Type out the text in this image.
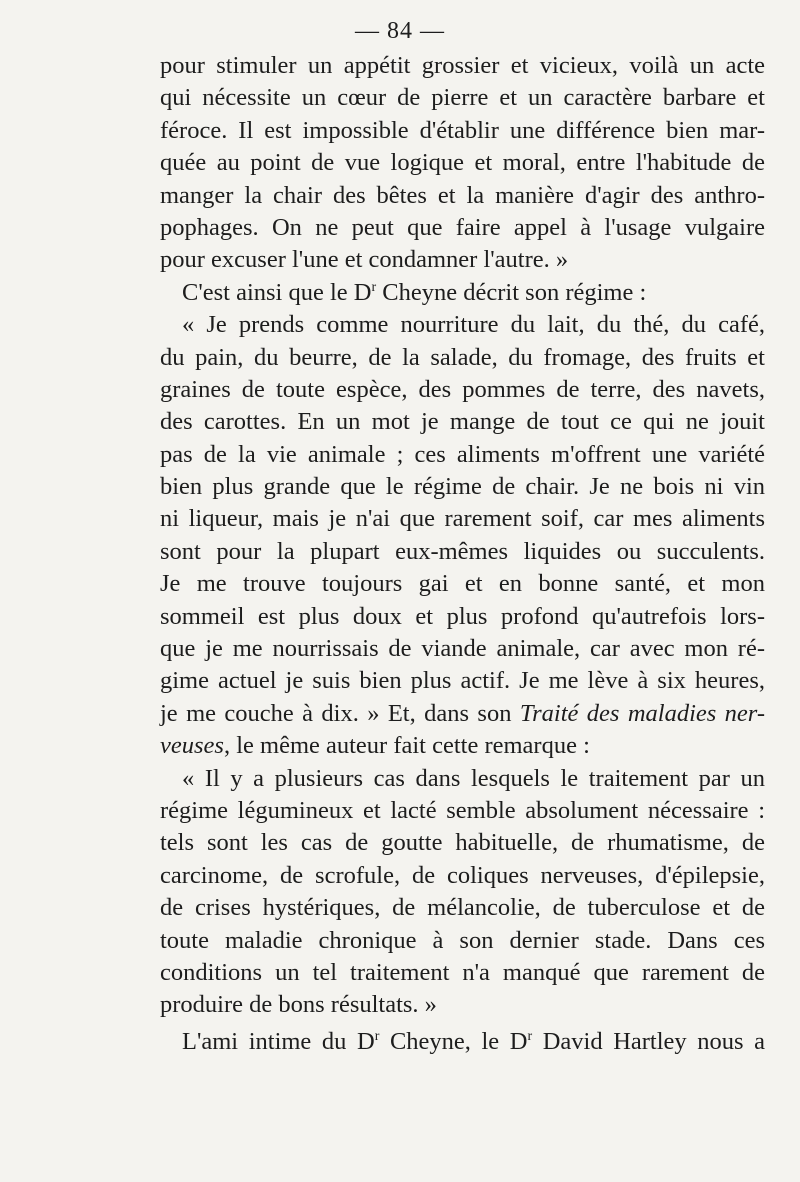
— 84 —
pour stimuler un appétit grossier et vicieux, voilà un acte
qui nécessite un cœur de pierre et un caractère barbare et
féroce. Il est impossible d'établir une différence bien mar-
quée au point de vue logique et moral, entre l'habitude de
manger la chair des bêtes et la manière d'agir des anthro-
pophages. On ne peut que faire appel à l'usage vulgaire
pour excuser l'une et condamner l'autre. »
C'est ainsi que le $D^r$ Cheyne décrit son régime :
« Je prends comme nourriture du lait, du thé, du café,
du pain, du beurre, de la salade, du fromage, des fruits et
graines de toute espèce, des pommes de terre, des navets,
des carottes. En un mot je mange de tout ce qui ne jouit
pas de la vie animale ; ces aliments m'offrent une variété
bien plus grande que le régime de chair. Je ne bois ni vin
ni liqueur, mais je n'ai que rarement soif, car mes aliments
sont pour la plupart eux-mêmes liquides ou succulents.
Je me trouve toujours gai et en bonne santé, et mon
sommeil est plus doux et plus profond qu'autrefois lors-
que je me nourrissais de viande animale, car avec mon ré-
gime actuel je suis bien plus actif. Je me lève à six heures,
je me couche à dix. » Et, dans son Traité des maladies ner-
veuses, le même auteur fait cette remarque :
« Il y a plusieurs cas dans lesquels le traitement par un
régime légumineux et lacté semble absolument nécessaire :
tels sont les cas de goutte habituelle, de rhumatisme, de
carcinome, de scrofule, de coliques nerveuses, d'épilepsie,
de crises hystériques, de mélancolie, de tuberculose et de
toute maladie chronique à son dernier stade. Dans ces
conditions un tel traitement n'a manqué que rarement de
produire de bons résultats. »
L'ami intime du $D^r$ Cheyne, le $D^r$ David Hartley nous a
